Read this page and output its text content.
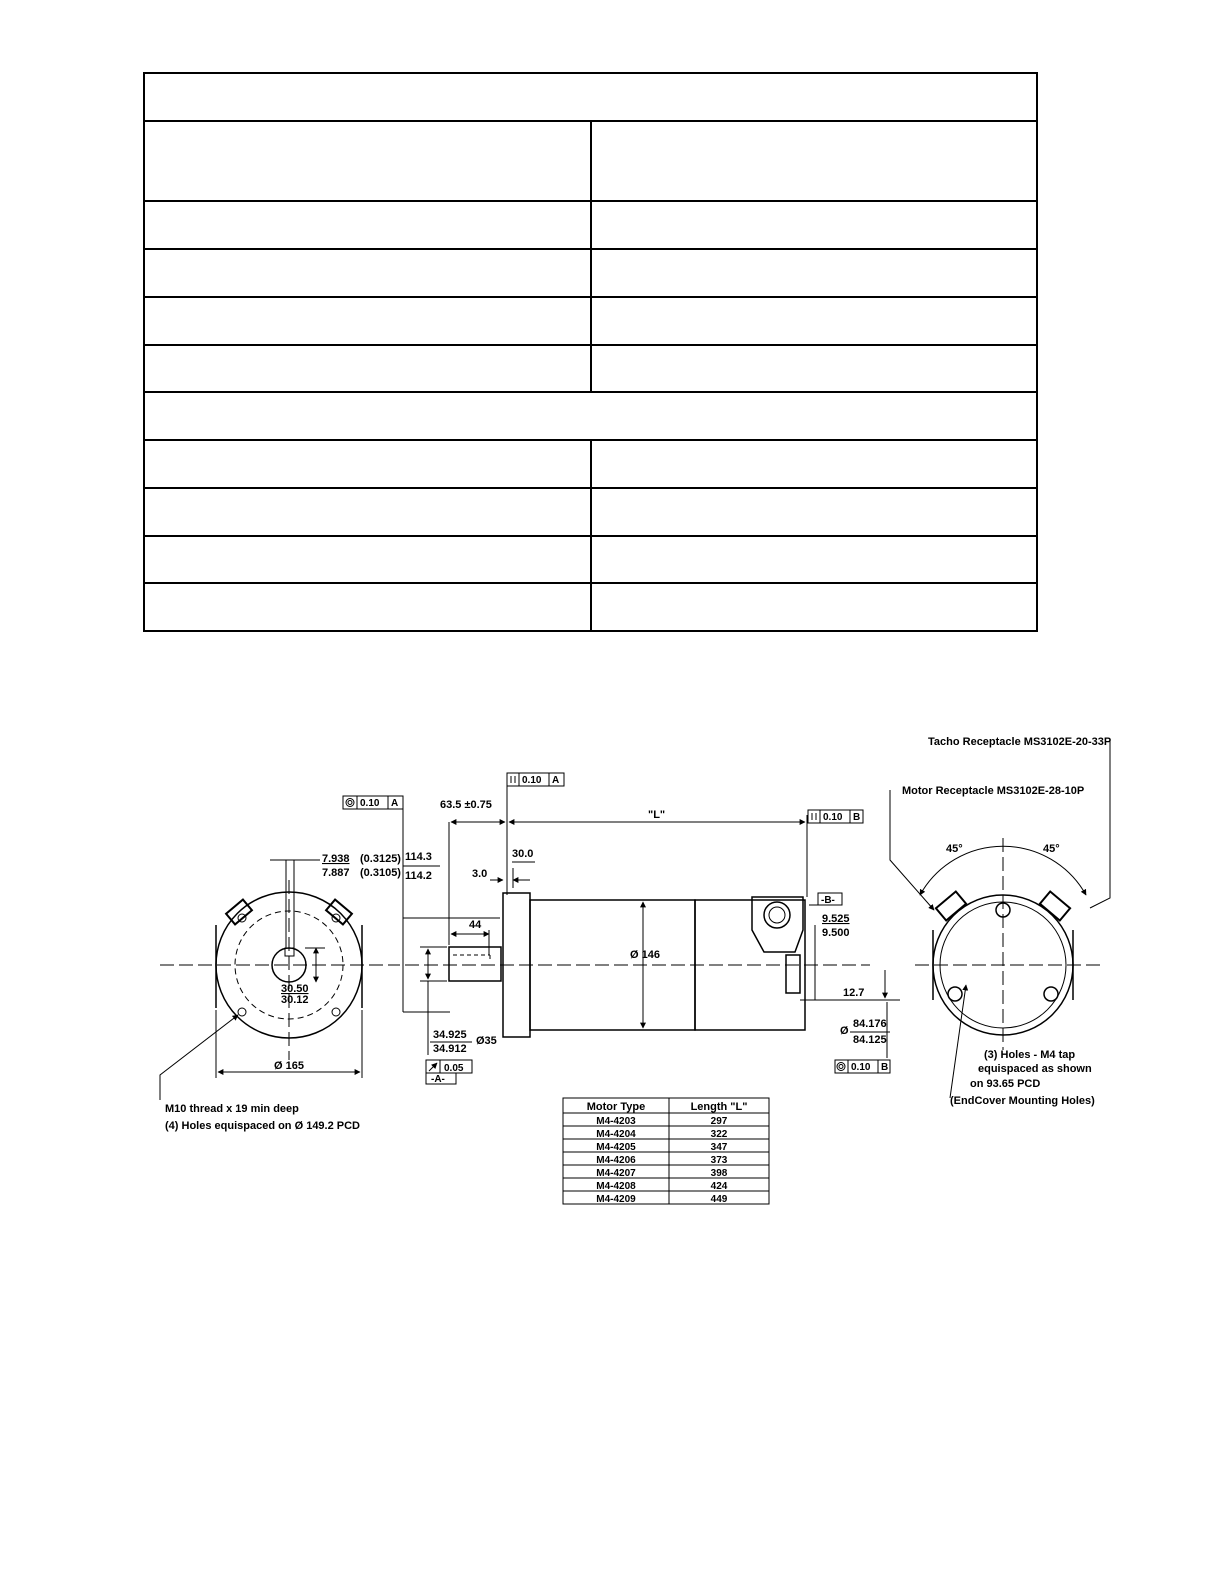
7.938 (0.3125)
7.887 (0.3105)
30.50
30.12
Ø 165
M10 thread x 19 min deep
(4) Holes equispaced on Ø 149.2 PCD
Ø 146
0.10 A
114.3
114.2
0.10 A
63.5 ±0.75
"L"	0.10 B
30.0
3.0
44
34.925
34.912
Ø35
0.05
-A-
-B-
9.525
9.500
12.7
Ø
84.176
84.125
0.10 B
45°	45°
Tacho Receptacle MS3102E-20-33P
Motor Receptacle MS3102E-28-10P
(3) Holes - M4 tap
equispaced as shown
on 93.65 PCD
(EndCover Mounting Holes)
Motor Type	Length "L"
M4-4203	297
M4-4204	322
M4-4205	347
M4-4206	373
M4-4207	398
M4-4208	424
M4-4209	449
